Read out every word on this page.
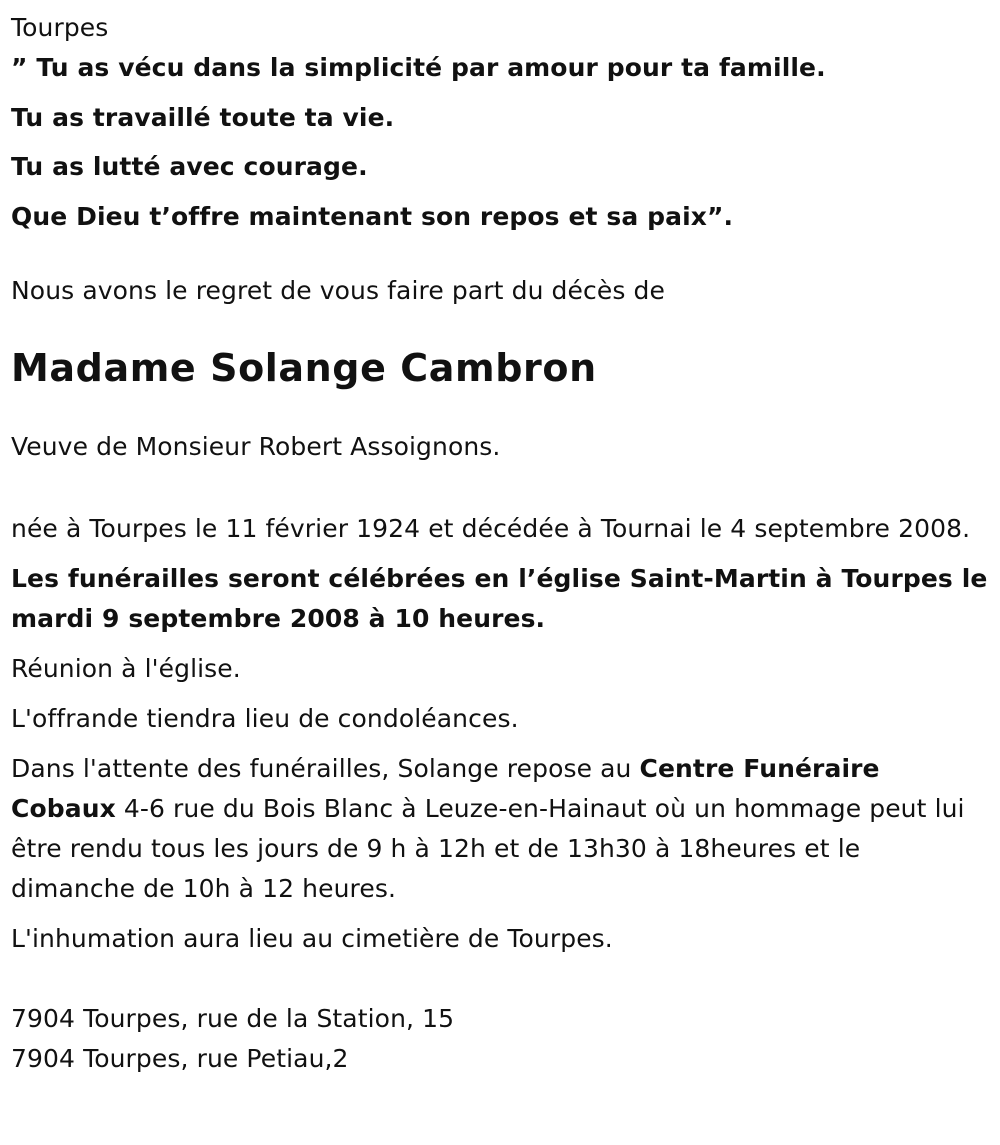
Tourpes

” Tu as vécu dans la simplicité par amour pour ta famille.

Tu as travaillé toute ta vie.

Tu as lutté avec courage.

Que Dieu t’offre maintenant son repos et sa paix”.

Nous avons le regret de vous faire part du décès de

Madame Solange Cambron

Veuve de Monsieur Robert Assoignons.

née à Tourpes le 11 février 1924 et décédée à Tournai le 4 septembre 2008.

Les funérailles seront célébrées en l’église Saint-Martin à Tourpes le mardi 9 septembre 2008 à 10 heures.

Réunion à l'église.

L'offrande tiendra lieu de condoléances.

Dans l'attente des funérailles, Solange repose au Centre Funéraire Cobaux 4-6 rue du Bois Blanc à Leuze-en-Hainaut où un hommage peut lui être rendu tous les jours de 9 h à 12h et de 13h30 à 18heures et le dimanche de 10h à 12 heures.

L'inhumation aura lieu au cimetière de Tourpes.

7904 Tourpes, rue de la Station, 15

7904 Tourpes, rue Petiau,2
